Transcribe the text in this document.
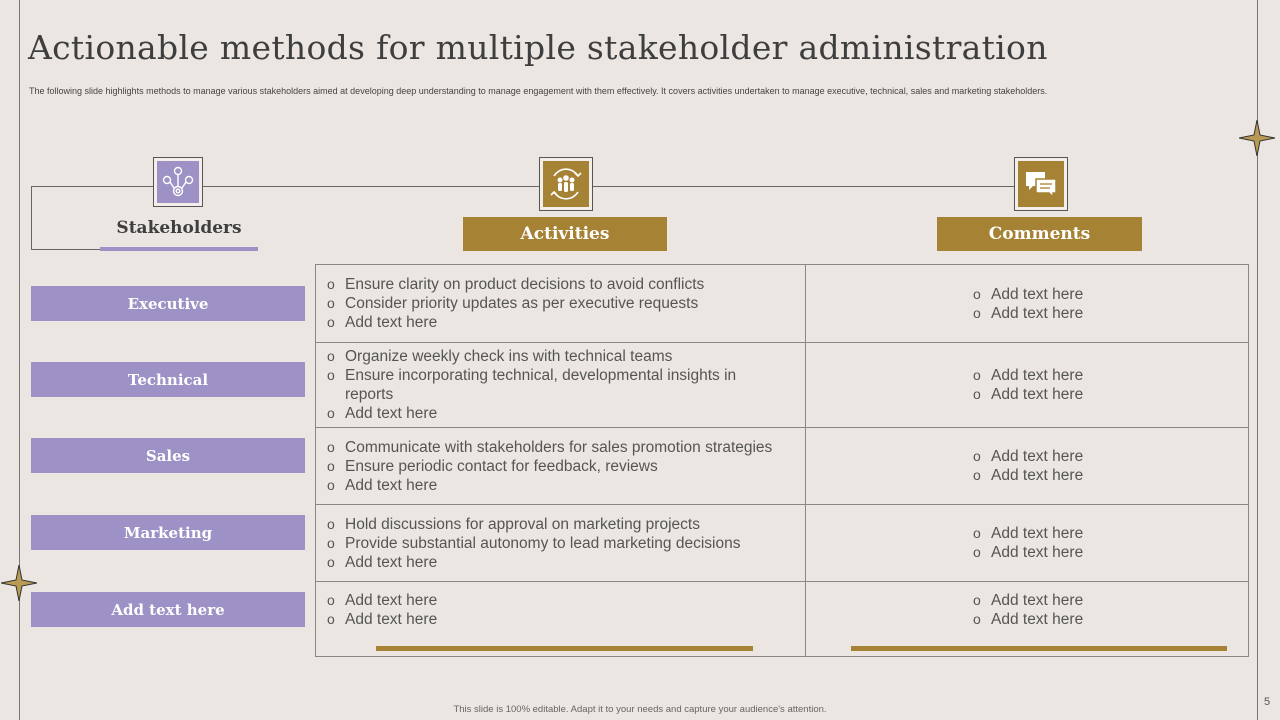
Actionable methods for multiple stakeholder administration
The following slide highlights methods to manage various stakeholders aimed at developing deep understanding to manage engagement with them effectively. It covers activities undertaken to manage executive, technical, sales and marketing stakeholders.
Stakeholders	Activities	Comments
Executive
Technical
Sales
Marketing
Add text here
o Ensure clarity on product decisions to avoid conflicts
o Consider priority updates as per executive requests
o Add text here
o Add text here
o Add text here
o Organize weekly check ins with technical teams
o Ensure incorporating technical, developmental insights in reports
o Add text here
o Add text here
o Add text here
o Communicate with stakeholders for sales promotion strategies
o Ensure periodic contact for feedback, reviews
o Add text here
o Add text here
o Add text here
o Hold discussions for approval on marketing projects
o Provide substantial autonomy to lead marketing decisions
o Add text here
o Add text here
o Add text here
o Add text here
o Add text here
o Add text here
o Add text here
This slide is 100% editable. Adapt it to your needs and capture your audience's attention.
5
